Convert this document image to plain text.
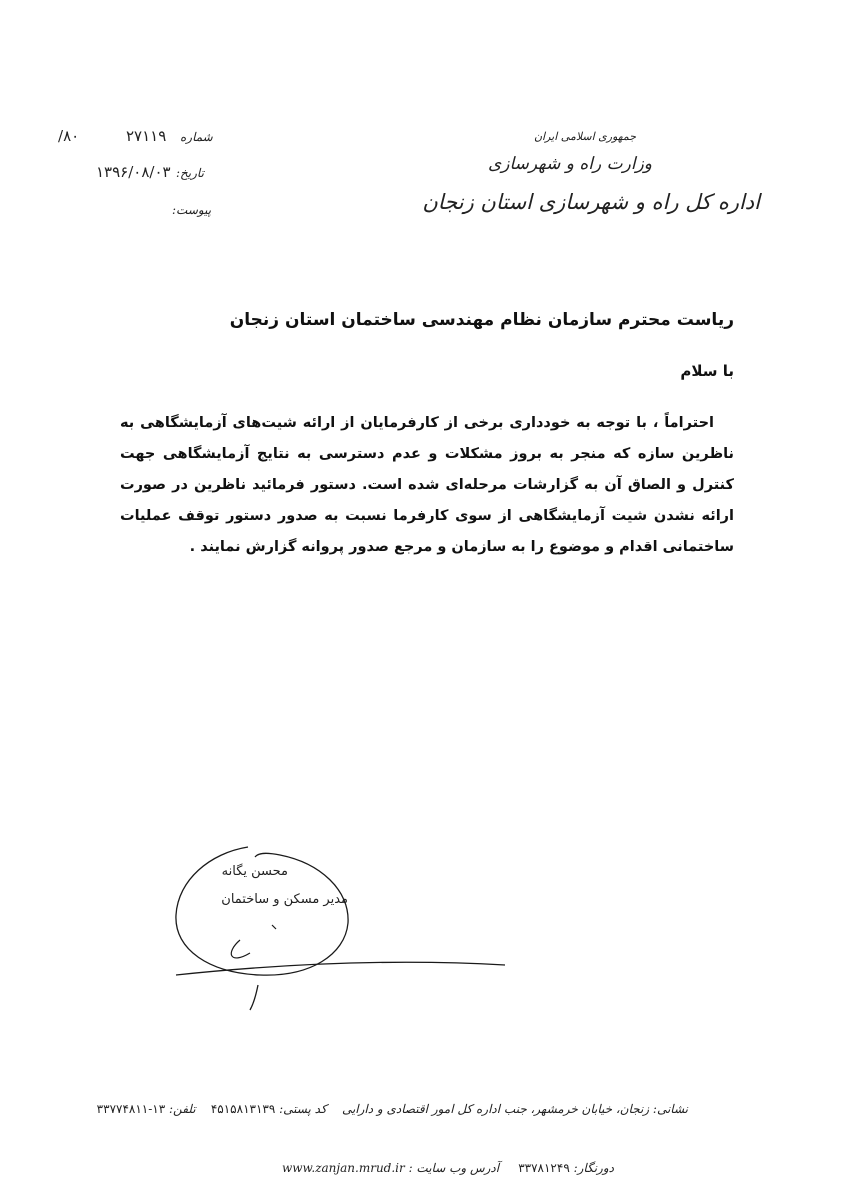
جمهوری اسلامی ایران
وزارت راه و شهرسازی
اداره کل راه و شهرسازی استان زنجان
شماره
۲۷۱۱۹
۸۰/
تاریخ:
۱۳۹۶/۰۸/۰۳
پیوست:
ریاست محترم سازمان نظام مهندسی ساختمان استان زنجان
با سلام
احتراماً ، با توجه به خودداری برخی از کارفرمایان از ارائه شیت‌های آزمایشگاهی به ناظرین سازه که منجر به بروز مشکلات و عدم دسترسی به نتایج آزمایشگاهی جهت کنترل و الصاق آن به گزارشات مرحله‌ای شده است. دستور فرمائید ناظرین در صورت ارائه نشدن شیت آزمایشگاهی از سوی کارفرما نسبت به صدور دستور توقف عملیات ساختمانی اقدام و موضوع را به سازمان و مرجع صدور پروانه گزارش نمایند .
محسن یگانه
مدیر مسکن و ساختمان
نشانی: زنجان، خیابان خرمشهر، جنب اداره کل امور اقتصادی و دارایی    کد پستی: ۴۵۱۵۸۱۳۱۳۹    تلفن: ۱۳-۳۳۷۷۴۸۱۱
دورنگار: ۳۳۷۸۱۲۴۹     آدرس وب سایت : www.zanjan.mrud.ir
